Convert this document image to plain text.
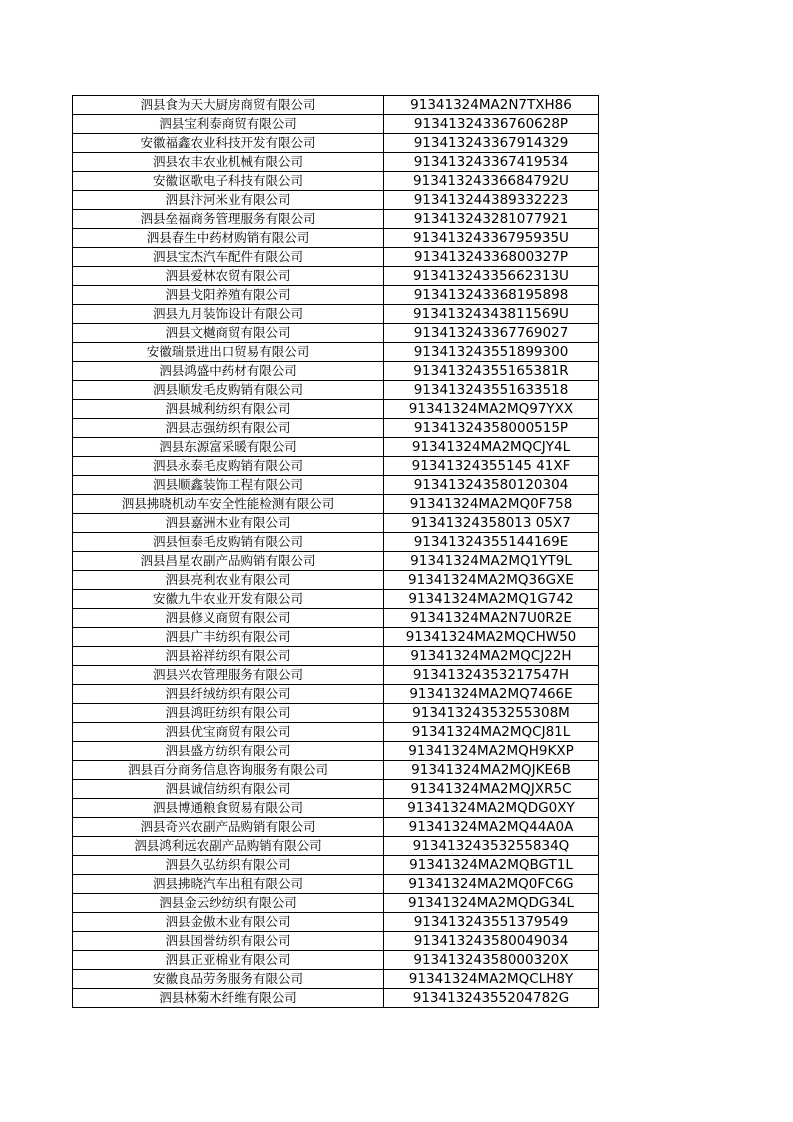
泗县食为天大厨房商贸有限公司	91341324MA2N7TXH86
泗县宝利泰商贸有限公司	91341324336760628P
安徽福鑫农业科技开发有限公司	913413243367914329
泗县农丰农业机械有限公司	913413243367419534
安徽讴歌电子科技有限公司	91341324336684792U
泗县汴河米业有限公司	913413244389332223
泗县垒福商务管理服务有限公司	913413243281077921
泗县春生中药材购销有限公司	91341324336795935U
泗县宝杰汽车配件有限公司	91341324336800327P
泗县爱林农贸有限公司	91341324335662313U
泗县戈阳养殖有限公司	913413243368195898
泗县九月装饰设计有限公司	91341324343811569U
泗县文樾商贸有限公司	913413243367769027
安徽瑞景进出口贸易有限公司	913413243551899300
泗县鸿盛中药材有限公司	91341324355165381R
泗县顺发毛皮购销有限公司	913413243551633518
泗县城利纺织有限公司	91341324MA2MQ97YXX
泗县志强纺织有限公司	91341324358000515P
泗县东源富采暖有限公司	91341324MA2MQCJY4L
泗县永泰毛皮购销有限公司	91341324355145 41XF
泗县顺鑫装饰工程有限公司	913413243580120304
泗县拂晓机动车安全性能检测有限公司	91341324MA2MQ0F758
泗县嘉洲木业有限公司	91341324358013 05X7
泗县恒泰毛皮购销有限公司	91341324355144169E
泗县昌星农副产品购销有限公司	91341324MA2MQ1YT9L
泗县亮利农业有限公司	91341324MA2MQ36GXE
安徽九牛农业开发有限公司	91341324MA2MQ1G742
泗县修义商贸有限公司	91341324MA2N7U0R2E
泗县广丰纺织有限公司	91341324MA2MQCHW50
泗县裕祥纺织有限公司	91341324MA2MQCJ22H
泗县兴农管理服务有限公司	91341324353217547H
泗县纤绒纺织有限公司	91341324MA2MQ7466E
泗县鸿旺纺织有限公司	91341324353255308M
泗县优宝商贸有限公司	91341324MA2MQCJ81L
泗县盛方纺织有限公司	91341324MA2MQH9KXP
泗县百分商务信息咨询服务有限公司	91341324MA2MQJKE6B
泗县诚信纺织有限公司	91341324MA2MQJXR5C
泗县博通粮食贸易有限公司	91341324MA2MQDG0XY
泗县奇兴农副产品购销有限公司	91341324MA2MQ44A0A
泗县鸿利远农副产品购销有限公司	91341324353255834Q
泗县久弘纺织有限公司	91341324MA2MQBGT1L
泗县拂晓汽车出租有限公司	91341324MA2MQ0FC6G
泗县金云纱纺织有限公司	91341324MA2MQDG34L
泗县金傲木业有限公司	913413243551379549
泗县国誉纺织有限公司	913413243580049034
泗县正亚棉业有限公司	91341324358000320X
安徽良品劳务服务有限公司	91341324MA2MQCLH8Y
泗县林菊木纤维有限公司	91341324355204782G
